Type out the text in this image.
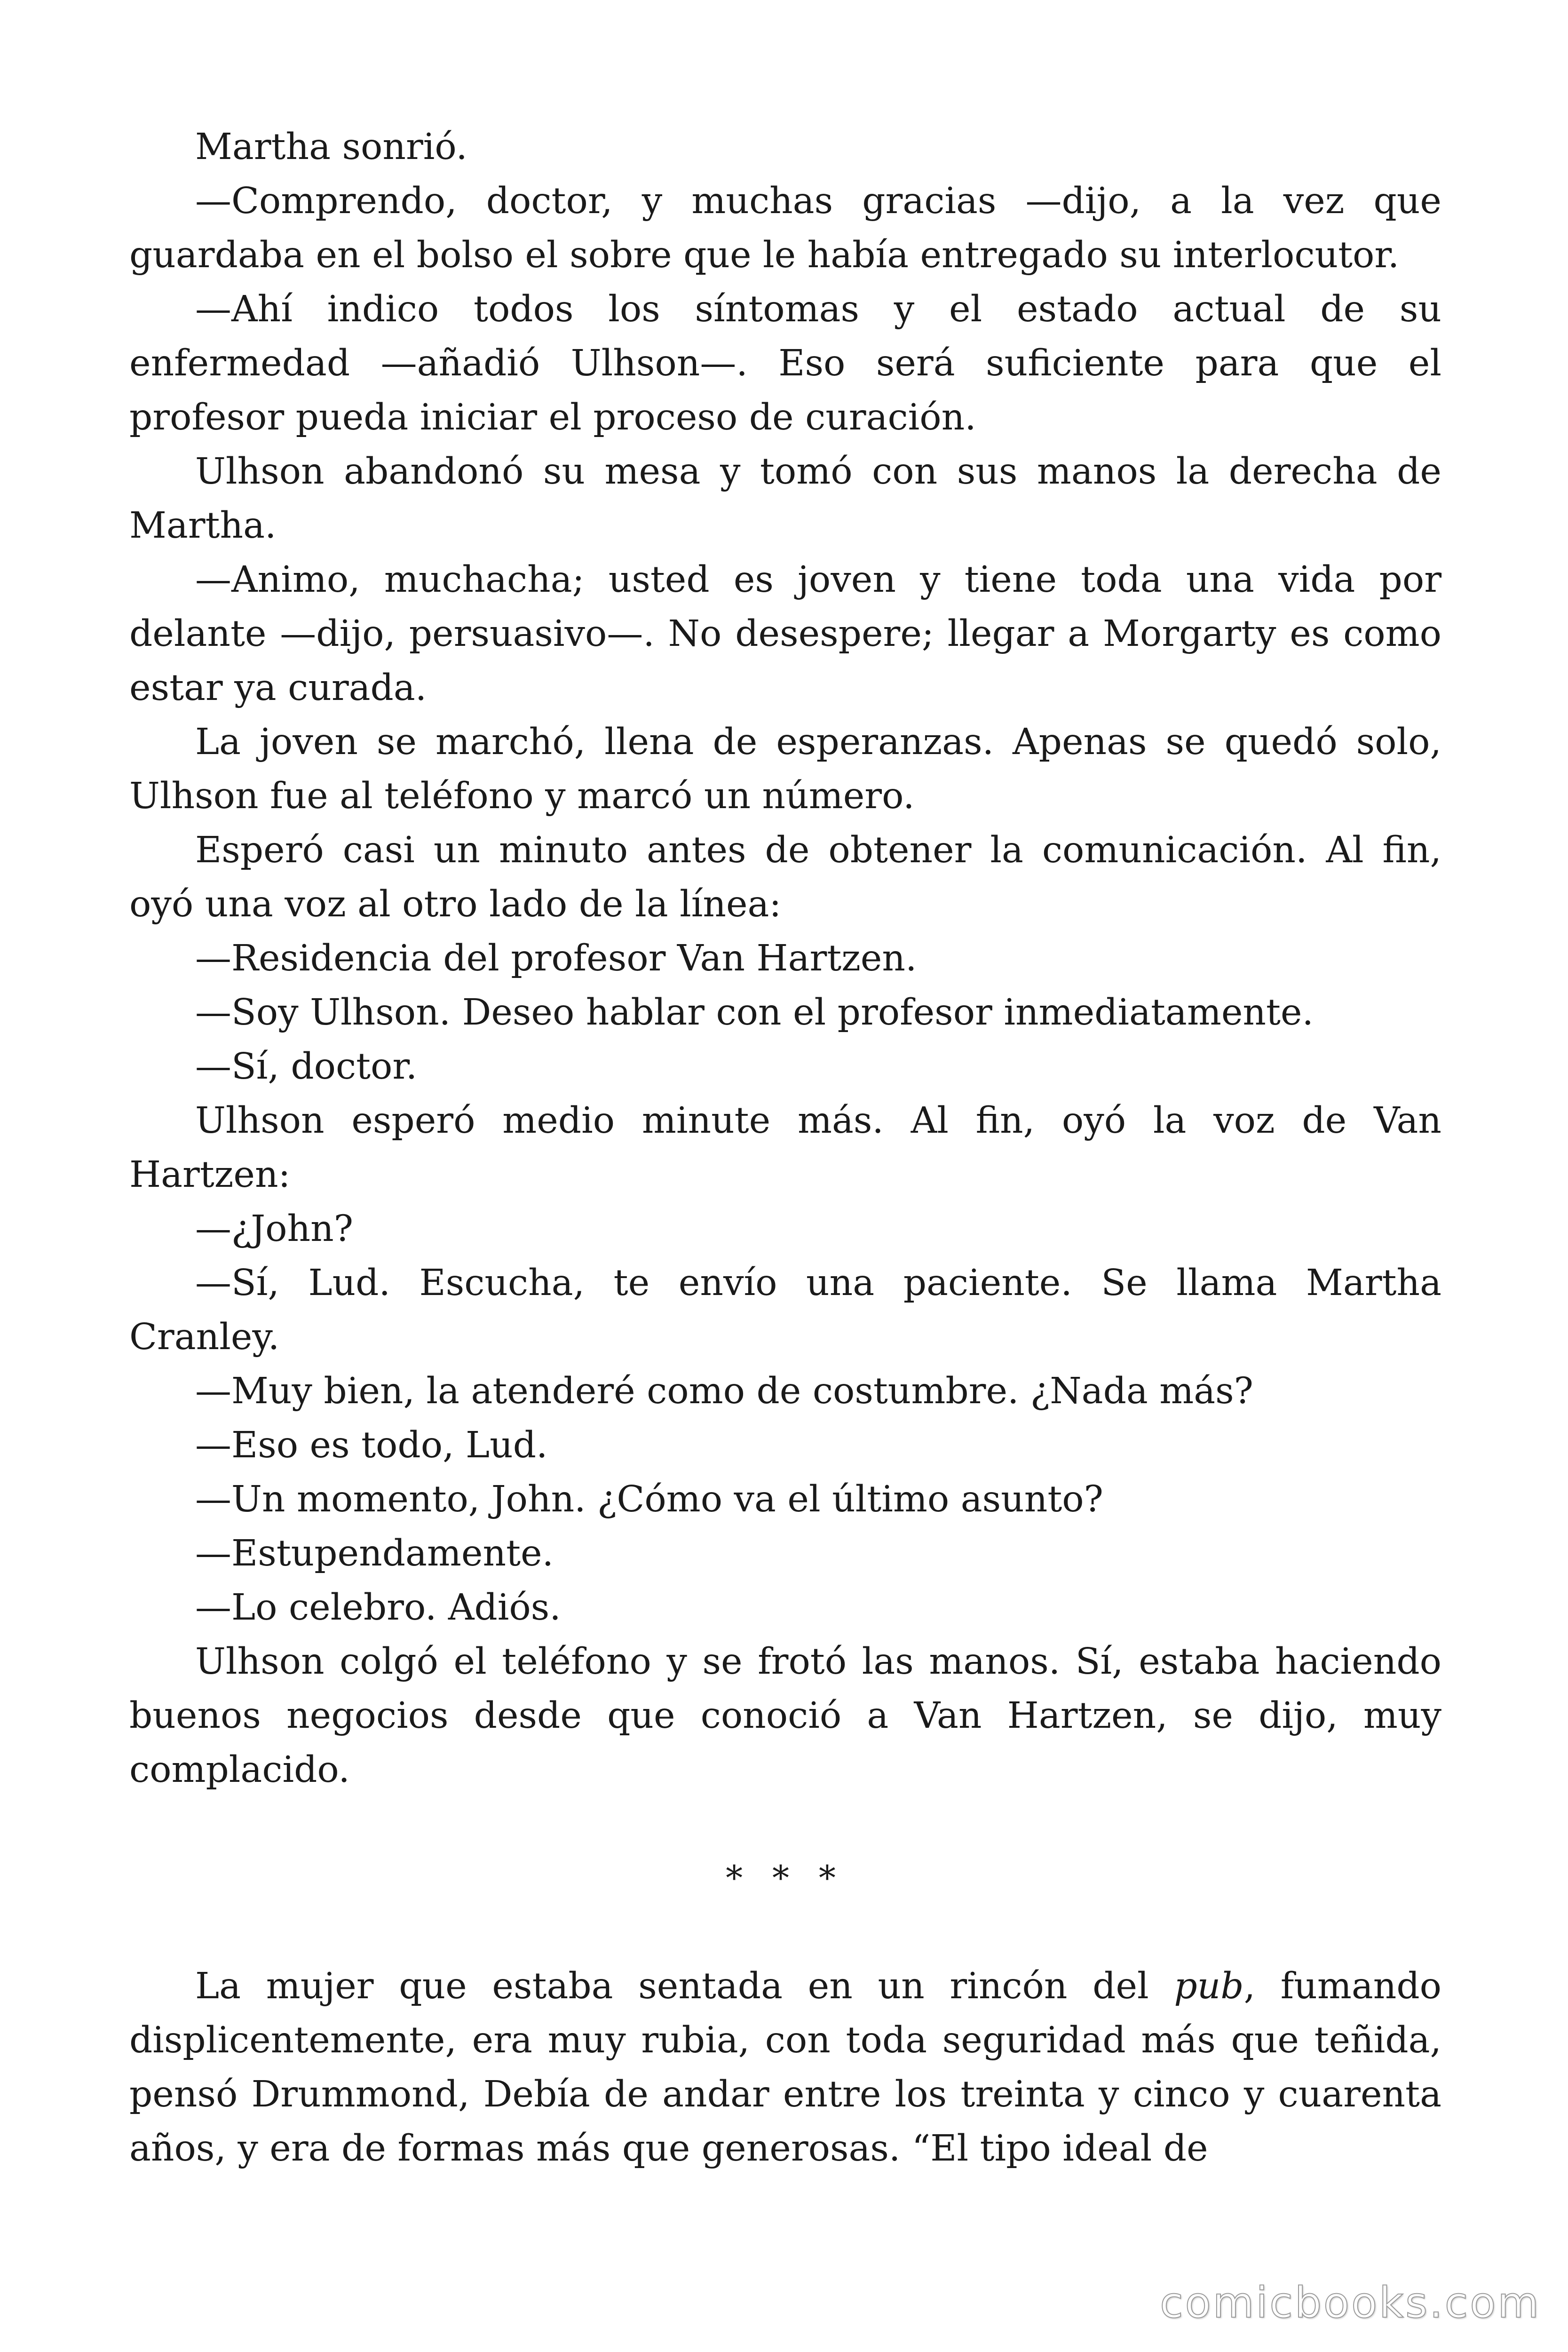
Martha sonrió.

—Comprendo, doctor, y muchas gracias —dijo, a la vez que guardaba en el bolso el sobre que le había entregado su interlocutor.

—Ahí indico todos los síntomas y el estado actual de su enfermedad —añadió Ulhson—. Eso será suficiente para que el profesor pueda iniciar el proceso de curación.

Ulhson abandonó su mesa y tomó con sus manos la derecha de Martha.

—Animo, muchacha; usted es joven y tiene toda una vida por delante —dijo, persuasivo—. No desespere; llegar a Morgarty es como estar ya curada.

La joven se marchó, llena de esperanzas. Apenas se quedó solo, Ulhson fue al teléfono y marcó un número.

Esperó casi un minuto antes de obtener la comunicación. Al fin, oyó una voz al otro lado de la línea:

—Residencia del profesor Van Hartzen.

—Soy Ulhson. Deseo hablar con el profesor inmediatamente.

—Sí, doctor.

Ulhson esperó medio minute más. Al fin, oyó la voz de Van Hartzen:

—¿John?

—Sí, Lud. Escucha, te envío una paciente. Se llama Martha Cranley.

—Muy bien, la atenderé como de costumbre. ¿Nada más?

—Eso es todo, Lud.

—Un momento, John. ¿Cómo va el último asunto?

—Estupendamente.

—Lo celebro. Adiós.

Ulhson colgó el teléfono y se frotó las manos. Sí, estaba haciendo buenos negocios desde que conoció a Van Hartzen, se dijo, muy complacido.

* * *

La mujer que estaba sentada en un rincón del pub, fumando displicentemente, era muy rubia, con toda seguridad más que teñida, pensó Drummond, Debía de andar entre los treinta y cinco y cuarenta años, y era de formas más que generosas. “El tipo ideal de

comicbooks.com
